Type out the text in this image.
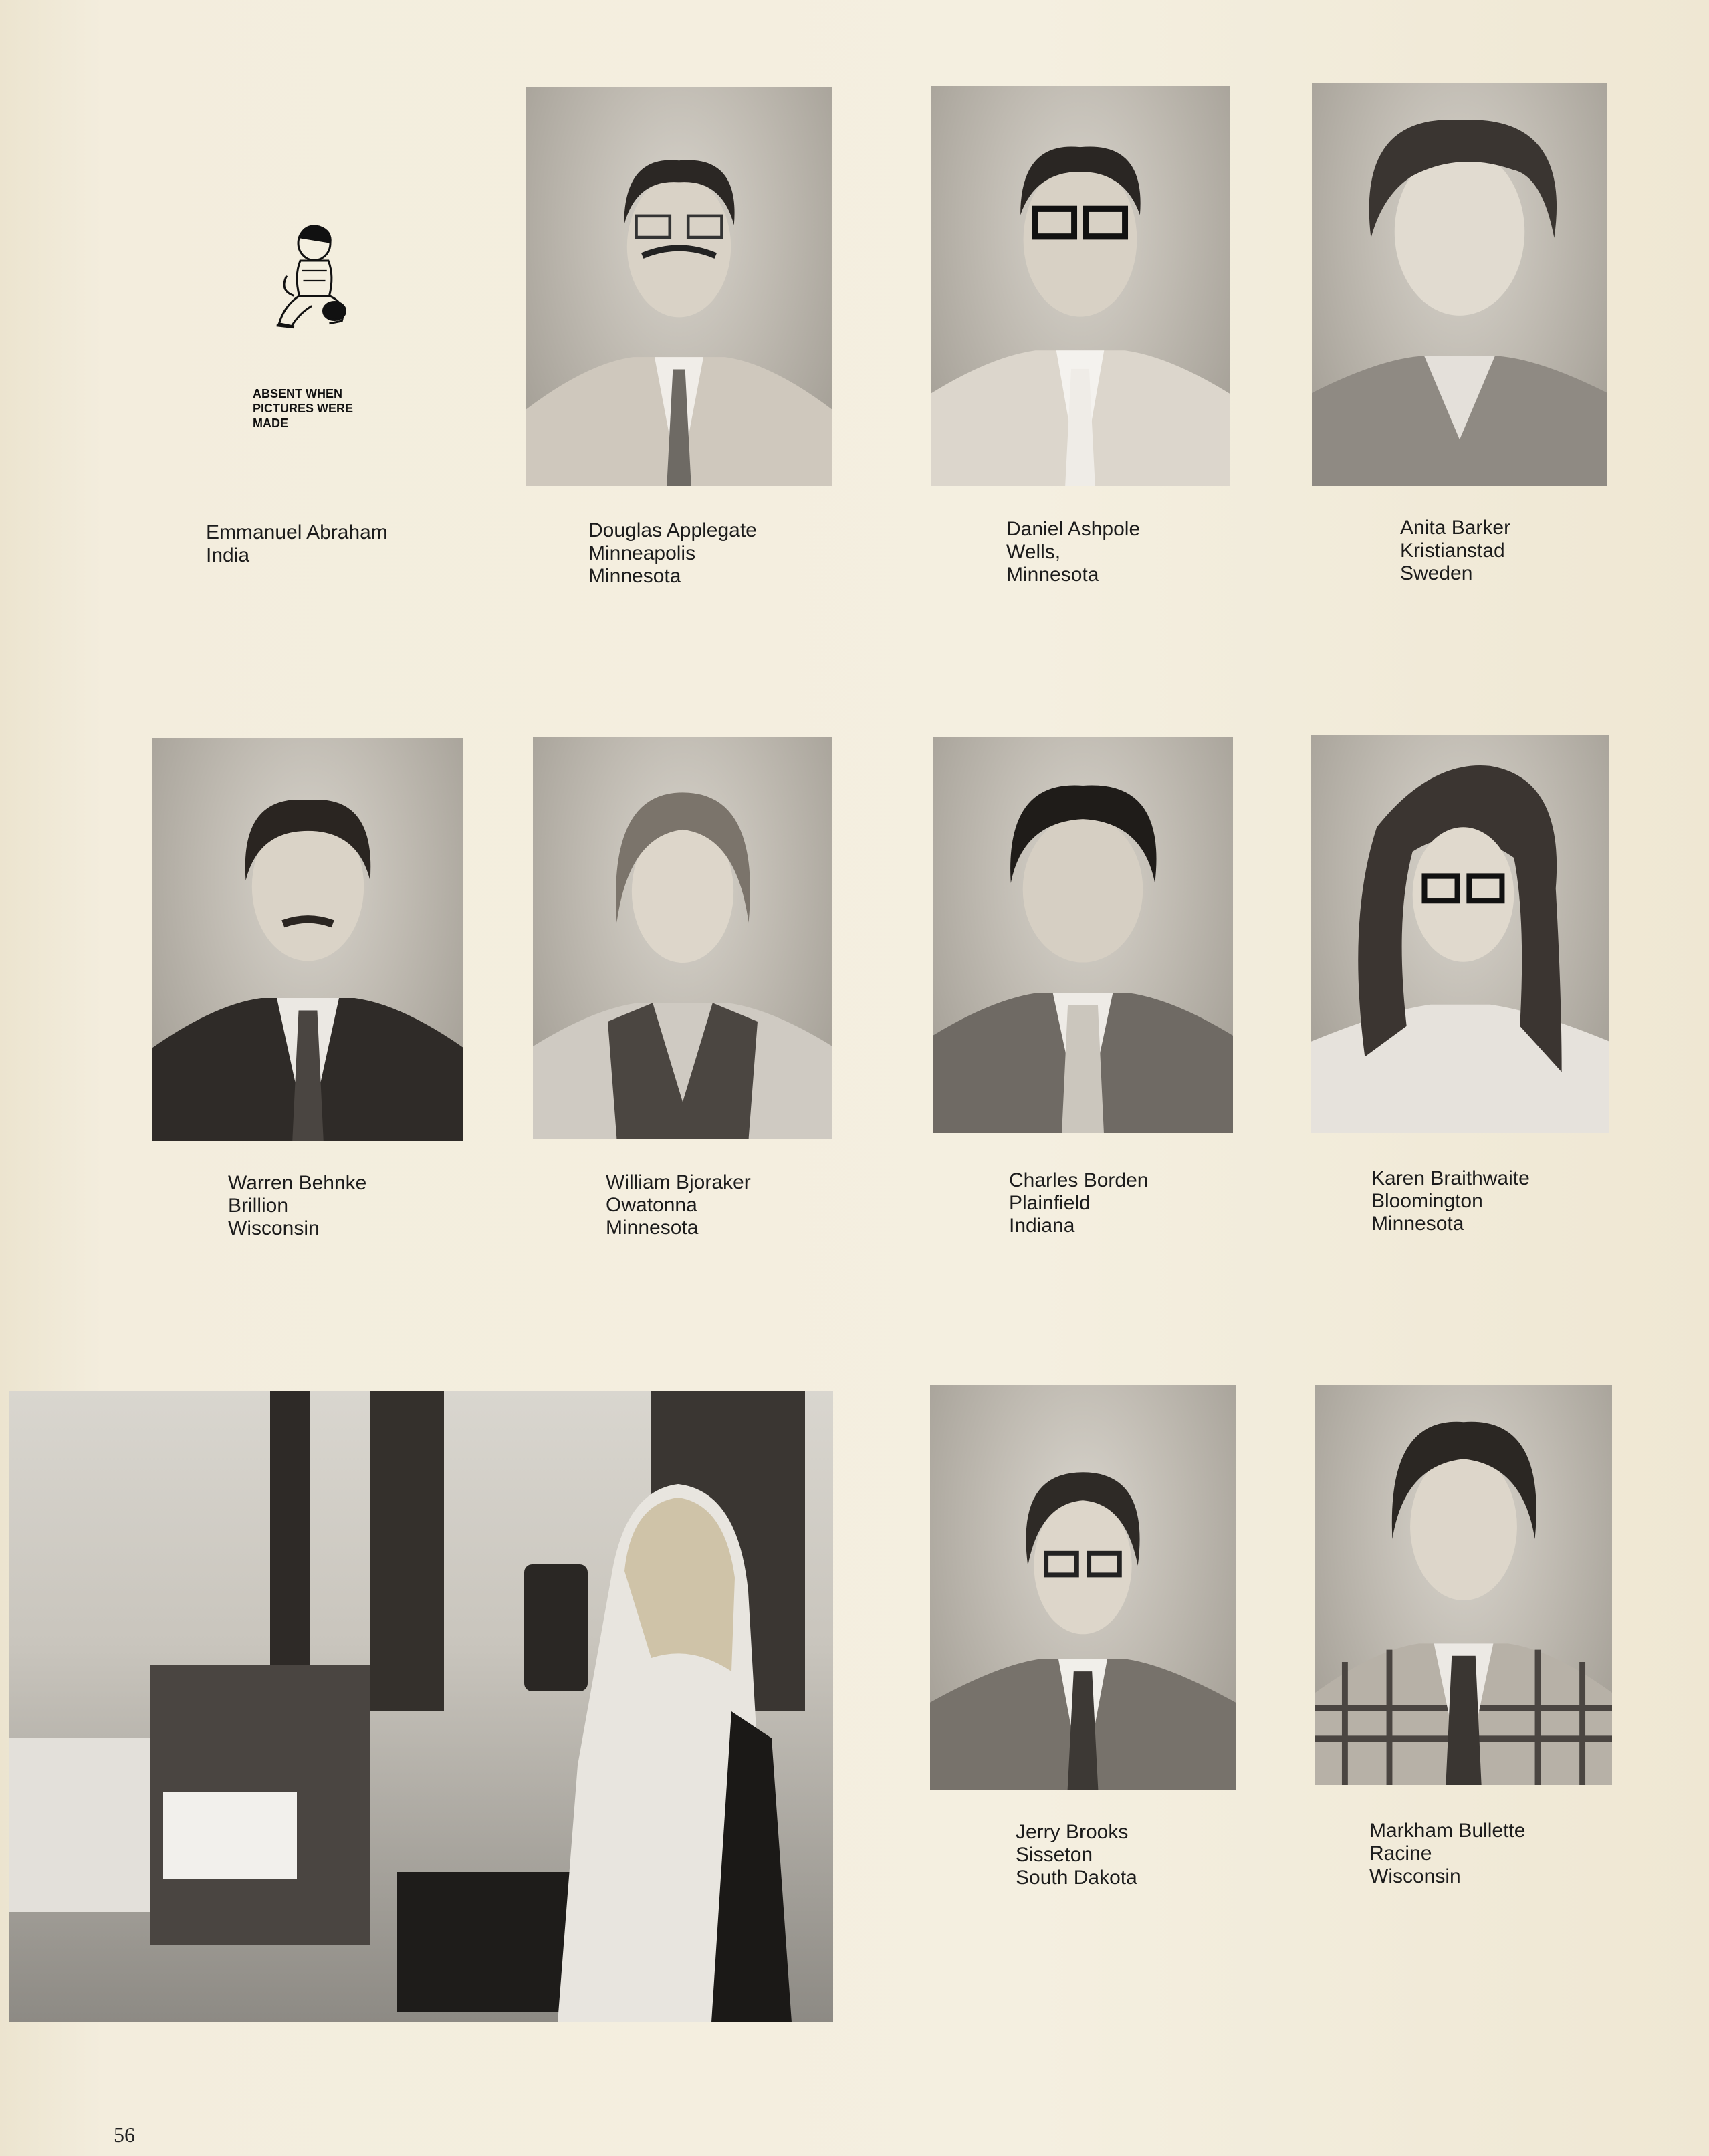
ABSENT WHEN
PICTURES WERE
MADE
Emmanuel Abraham
India
Douglas Applegate
Minneapolis
Minnesota
Daniel Ashpole
Wells,
Minnesota
Anita Barker
Kristianstad
Sweden
Warren Behnke
Brillion
Wisconsin
William Bjoraker
Owatonna
Minnesota
Charles Borden
Plainfield
Indiana
Karen Braithwaite
Bloomington
Minnesota
Jerry Brooks
Sisseton
South Dakota
Markham Bullette
Racine
Wisconsin
56
